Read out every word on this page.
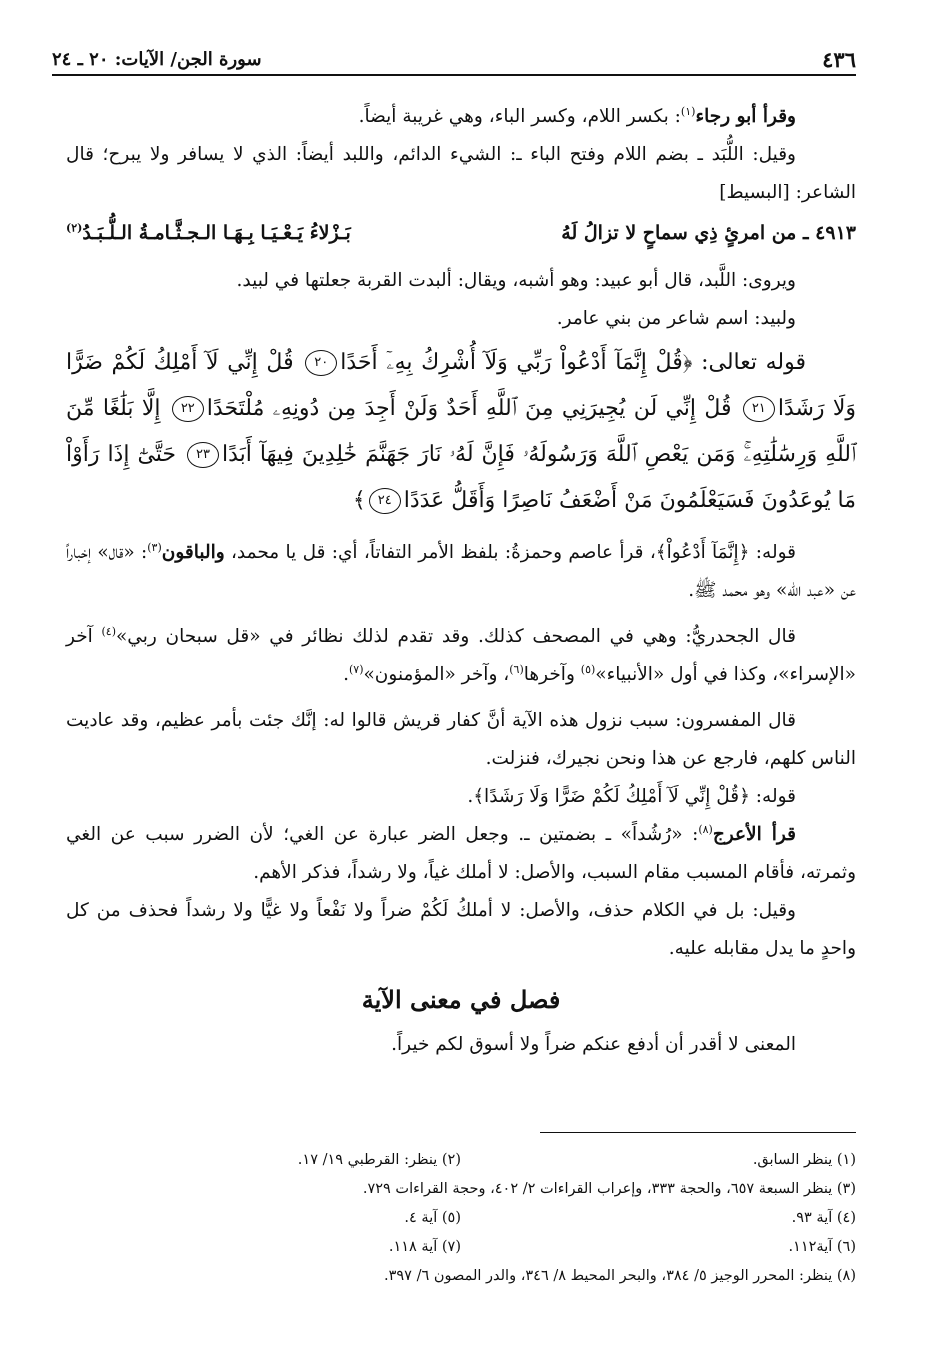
٤٣٦
سورة الجن/ الآيات: ٢٠ ـ ٢٤

وقرأ أبو رجاء$^{(١)}$: بكسر اللام، وكسر الباء، وهي غريبة أيضاً.

وقيل: اللُّبَد ـ بضم اللام وفتح الباء ـ: الشيء الدائم، واللبد أيضاً: الذي لا يسافر ولا يبرح؛ قال الشاعر: [البسيط]

٤٩١٣ ـ من امرئٍ ذِي سماحٍ لا تزالُ لَهُ
بَـزْلاءُ يَـعْـيَـا بِـهَـا الـجـثَّـامـةُ الـلُّـبَـدُ$^{(٢)}$

ويروى: اللَّبد، قال أبو عبيد: وهو أشبه، ويقال: ألبدت القربة جعلتها في لبيد.

ولبيد: اسم شاعر من بني عامر.

قوله تعالى: ﴿قُلْ إِنَّمَآ أَدْعُواْ رَبِّي وَلَآ أُشْرِكُ بِهِۦٓ أَحَدًا٢٠ قُلْ إِنِّي لَآ أَمْلِكُ لَكُمْ ضَرًّا وَلَا رَشَدًا٢١ قُلْ إِنِّي لَن يُجِيرَنِي مِنَ ٱللَّهِ أَحَدٌ وَلَنْ أَجِدَ مِن دُونِهِۦ مُلْتَحَدًا٢٢ إِلَّا بَلَٰغًا مِّنَ ٱللَّهِ وَرِسَٰلَٰتِهِۦۚ وَمَن يَعْصِ ٱللَّهَ وَرَسُولَهُۥ فَإِنَّ لَهُۥ نَارَ جَهَنَّمَ خَٰلِدِينَ فِيهَآ أَبَدًا٢٣ حَتَّىٰٓ إِذَا رَأَوْاْ مَا يُوعَدُونَ فَسَيَعْلَمُونَ مَنْ أَضْعَفُ نَاصِرًا وَأَقَلُّ عَدَدًا٢٤﴾

قوله: ﴿إِنَّمَآ أَدْعُواْ﴾، قرأ عاصم وحمزةُ: بلفظ الأمر التفاتاً، أي: قل يا محمد، والباقون$^{(٣)}$: «قال» إخباراً عن «عبد الله» وهو محمد ﷺ.

قال الجحدريُّ: وهي في المصحف كذلك. وقد تقدم لذلك نظائر في «قل سبحان ربي»$^{(٤)}$ آخر «الإسراء»، وكذا في أول «الأنبياء»$^{(٥)}$ وآخرها$^{(٦)}$، وآخر «المؤمنون»$^{(٧)}$.

قال المفسرون: سبب نزول هذه الآية أنَّ كفار قريش قالوا له: إنَّك جئت بأمر عظيم، وقد عاديت الناس كلهم، فارجع عن هذا ونحن نجيرك، فنزلت.

قوله: ﴿قُلْ إِنِّي لَآ أَمْلِكُ لَكُمْ ضَرًّا وَلَا رَشَدًا﴾.

قرأ الأعرج$^{(٨)}$: «رُشُداً» ـ بضمتين ـ. وجعل الضر عبارة عن الغي؛ لأن الضرر سبب عن الغي وثمرته، فأقام المسبب مقام السبب، والأصل: لا أملك غياً، ولا رشداً، فذكر الأهم.

وقيل: بل في الكلام حذف، والأصل: لا أملكُ لَكُمْ ضراً ولا نَفْعاً ولا غيًّا ولا رشداً فحذف من كل واحدٍ ما يدل مقابله عليه.

فصل في معنى الآية

المعنى لا أقدر أن أدفع عنكم ضراً ولا أسوق لكم خيراً.

(١) ينظر السابق.
(٢) ينظر: القرطبي ١٩/ ١٧.
(٣) ينظر السبعة ٦٥٧، والحجة ٣٣٣، وإعراب القراءات ٢/ ٤٠٢، وحجة القراءات ٧٢٩.
(٤) آية ٩٣.
(٥) آية ٤.
(٦) آية١١٢.
(٧) آية ١١٨.
(٨) ينظر: المحرر الوجيز ٥/ ٣٨٤، والبحر المحيط ٨/ ٣٤٦، والدر المصون ٦/ ٣٩٧.
